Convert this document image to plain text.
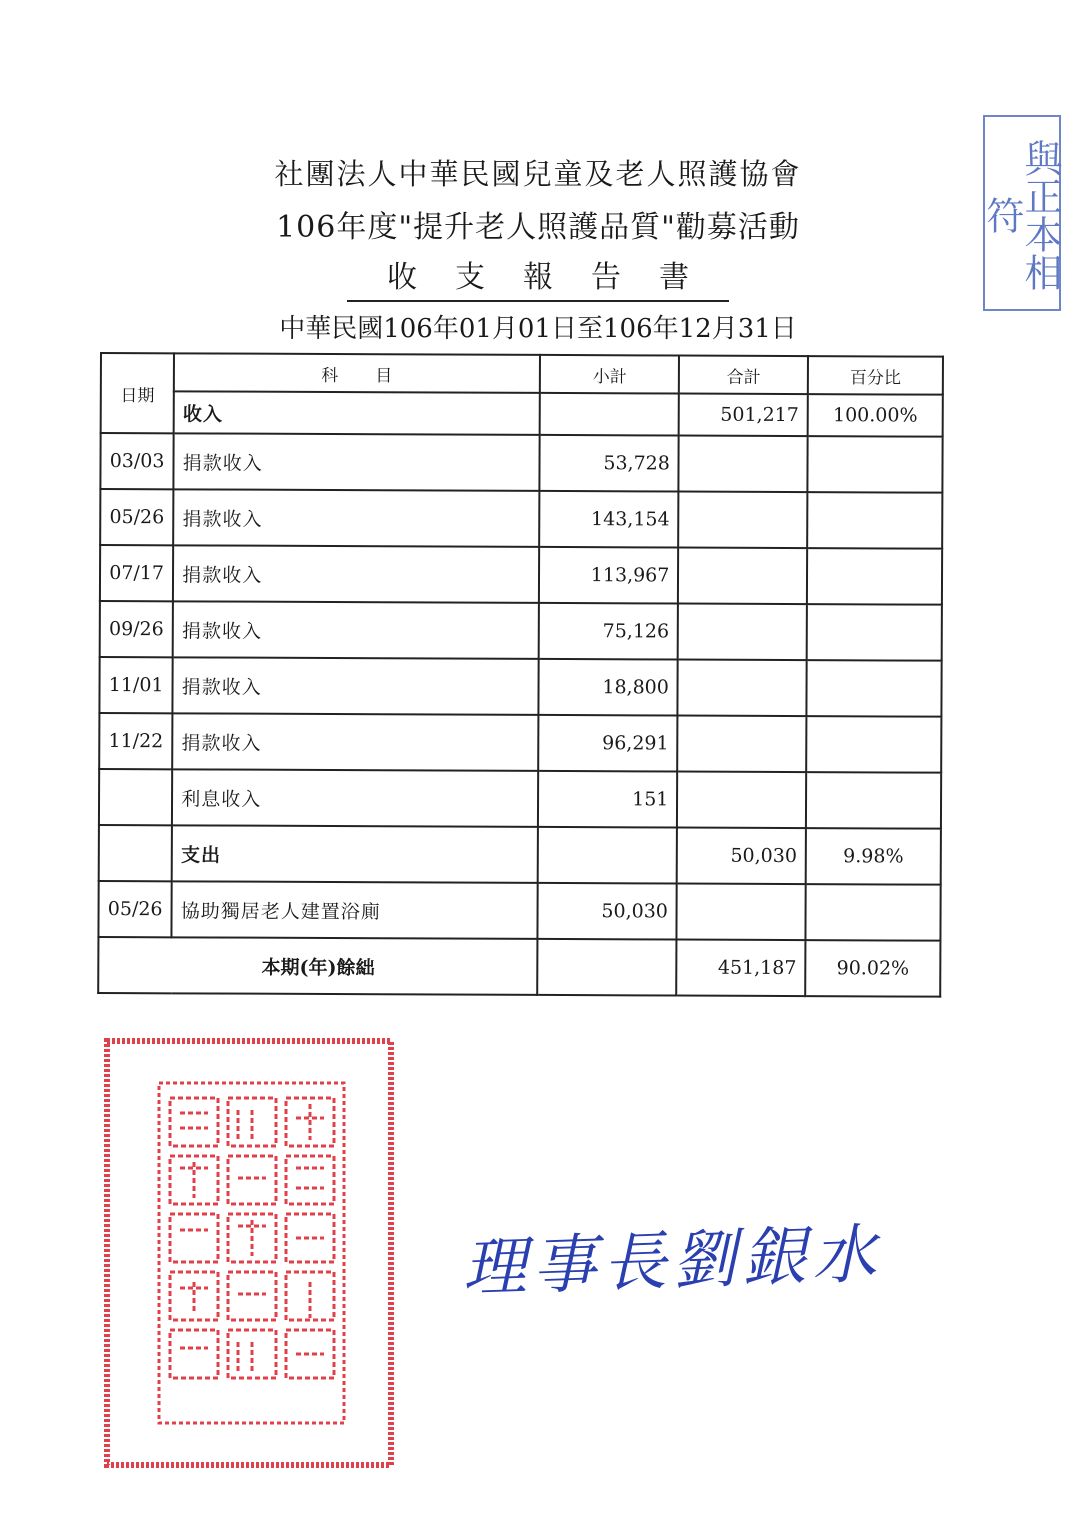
社團法人中華民國兒童及老人照護協會
106年度"提升老人照護品質"勸募活動
收支報告書
中華民國106年01月01日至106年12月31日
日期	科　　目	小計	合計	百分比
	收入		501,217	100.00%
03/03	捐款收入	53,728		
05/26	捐款收入	143,154		
07/17	捐款收入	113,967		
09/26	捐款收入	75,126		
11/01	捐款收入	18,800		
11/22	捐款收入	96,291		
	利息收入	151		
	支出		50,030	9.98%
05/26	協助獨居老人建置浴廁	50,030		
本期(年)餘絀			451,187	90.02%
與正本相符
理事長劉銀水
